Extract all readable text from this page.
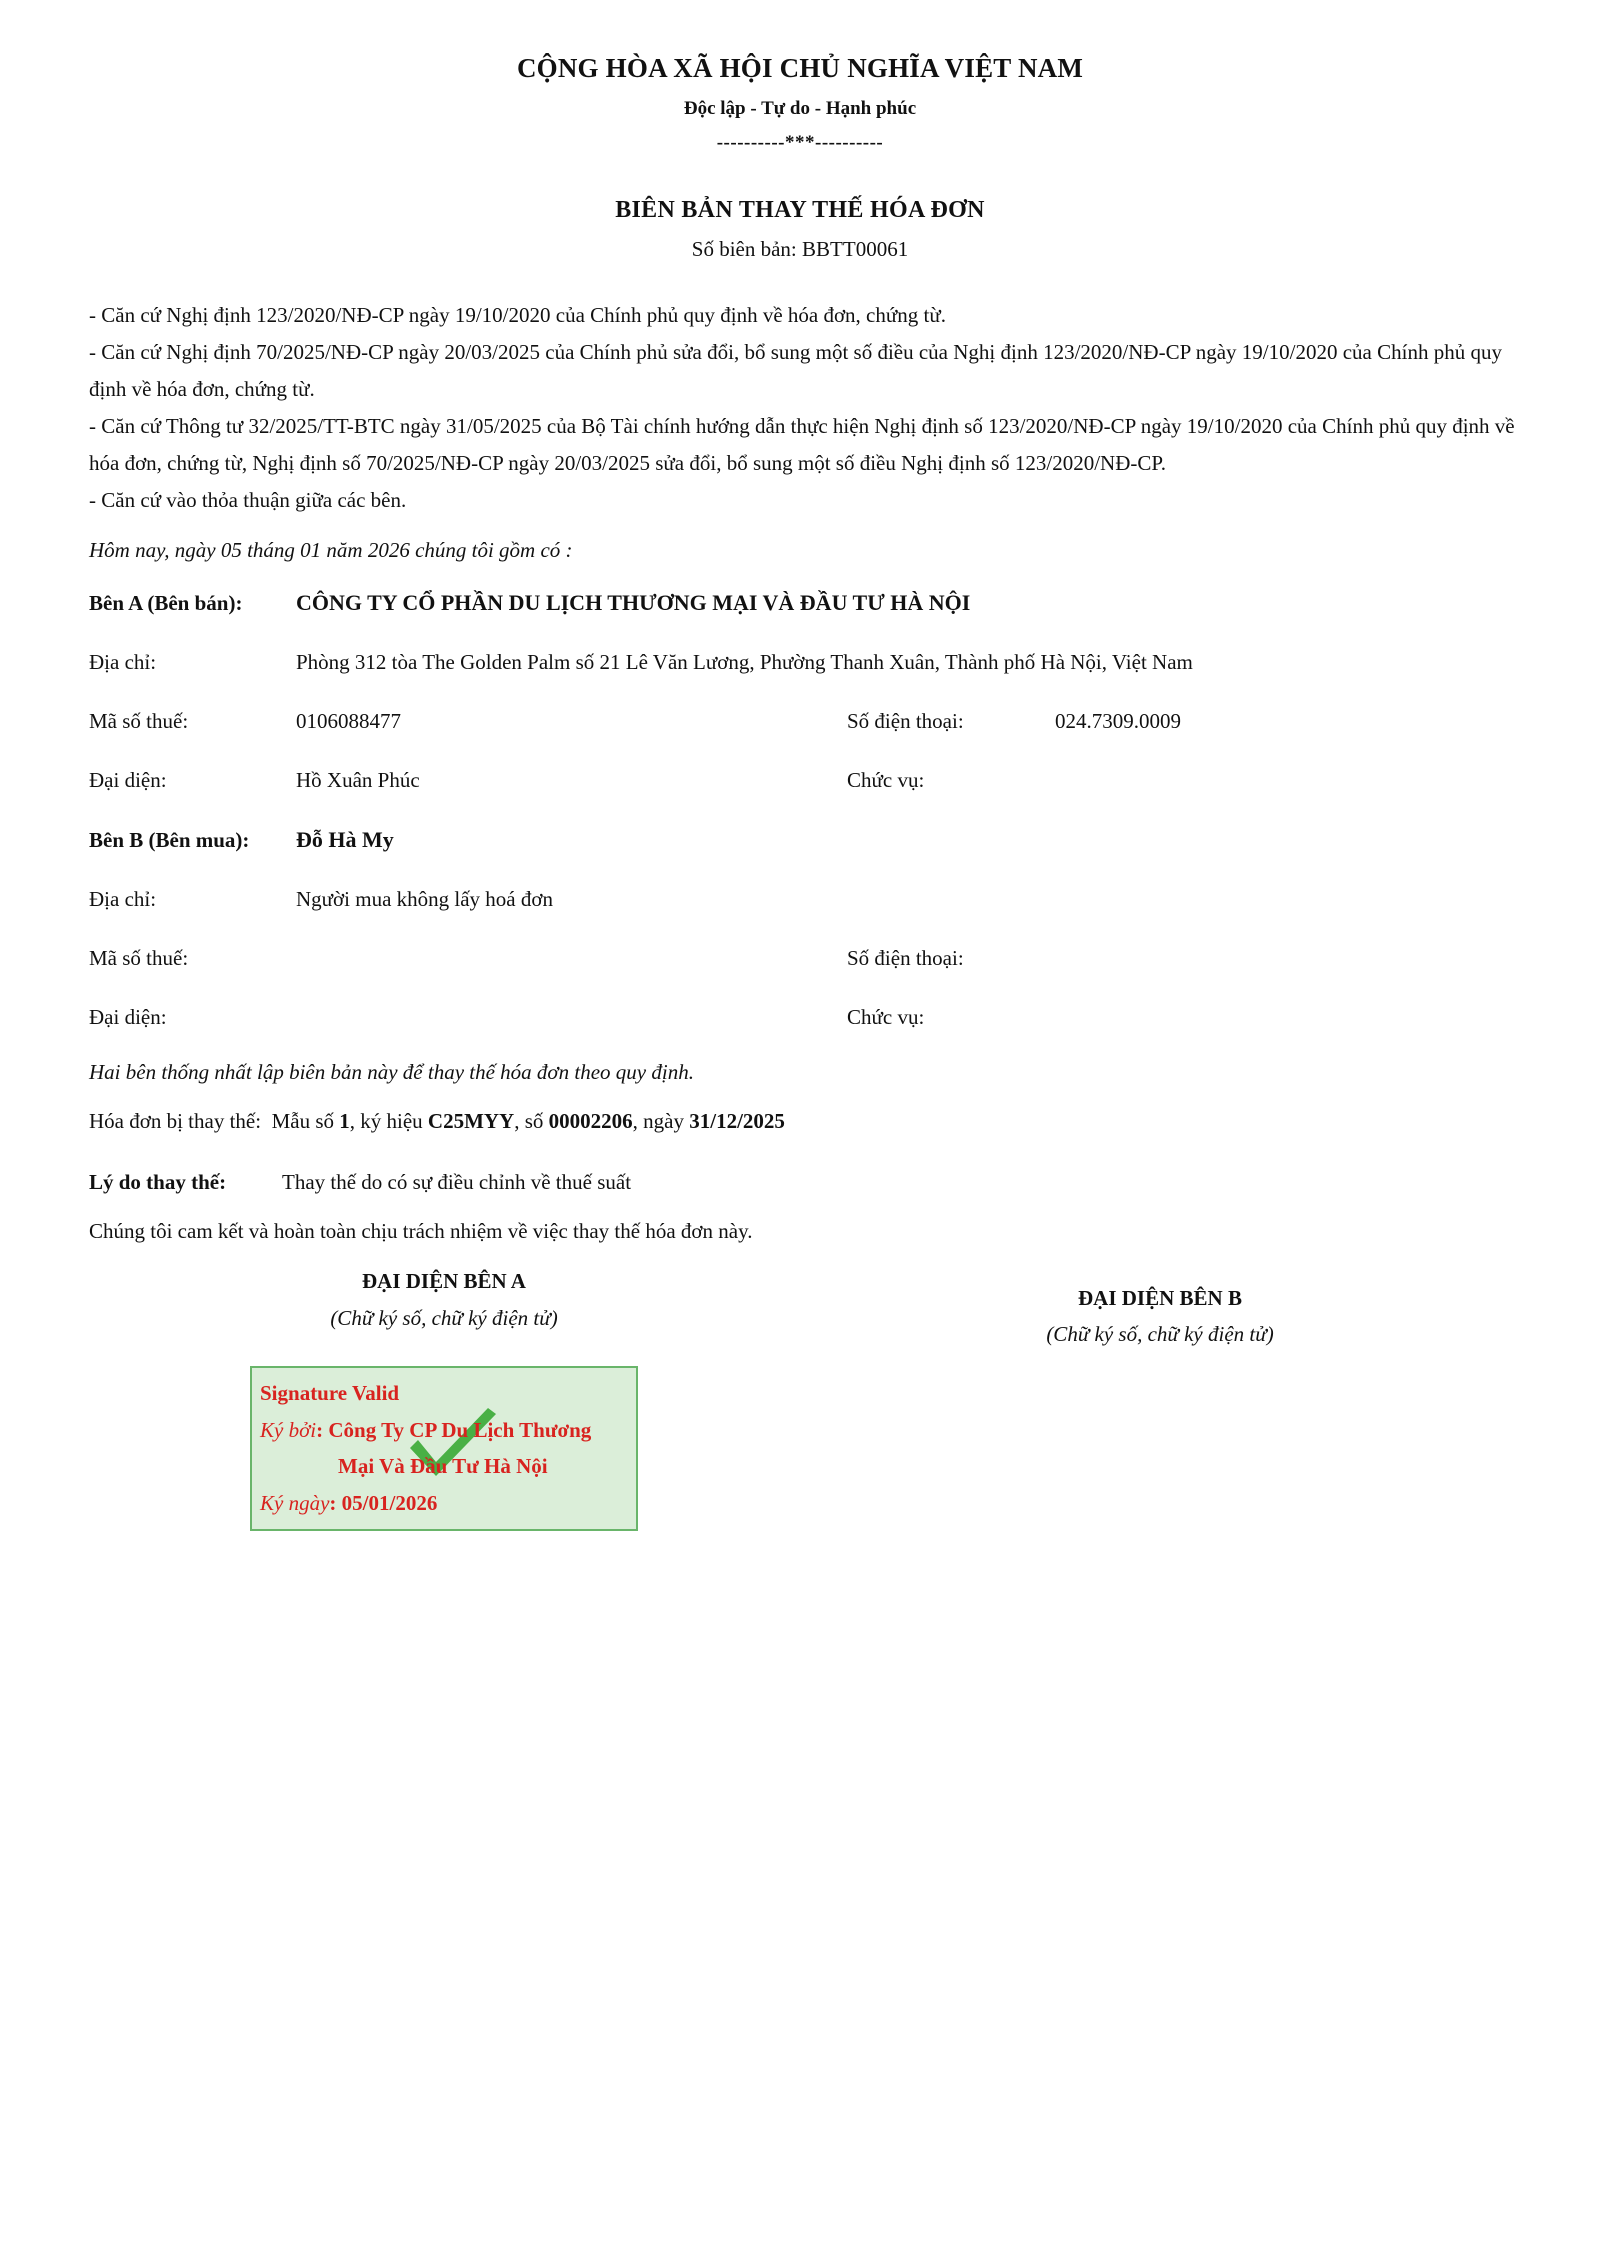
CỘNG HÒA XÃ HỘI CHỦ NGHĨA VIỆT NAM
Độc lập - Tự do - Hạnh phúc
----------***----------
BIÊN BẢN THAY THẾ HÓA ĐƠN
Số biên bản: BBTT00061
- Căn cứ Nghị định 123/2020/NĐ-CP ngày 19/10/2020 của Chính phủ quy định về hóa đơn, chứng từ.
- Căn cứ Nghị định 70/2025/NĐ-CP ngày 20/03/2025 của Chính phủ sửa đổi, bổ sung một số điều của Nghị định 123/2020/NĐ-CP ngày 19/10/2020 của Chính phủ quy định về hóa đơn, chứng từ.
- Căn cứ Thông tư 32/2025/TT-BTC ngày 31/05/2025 của Bộ Tài chính hướng dẫn thực hiện Nghị định số 123/2020/NĐ-CP ngày 19/10/2020 của Chính phủ quy định về hóa đơn, chứng từ, Nghị định số 70/2025/NĐ-CP ngày 20/03/2025 sửa đổi, bổ sung một số điều Nghị định số 123/2020/NĐ-CP.
- Căn cứ vào thỏa thuận giữa các bên.
Hôm nay, ngày 05 tháng 01 năm 2026 chúng tôi gồm có :
Bên A (Bên bán): CÔNG TY CỔ PHẦN DU LỊCH THƯƠNG MẠI VÀ ĐẦU TƯ HÀ NỘI
Địa chỉ:	Phòng 312 tòa The Golden Palm số 21 Lê Văn Lương, Phường Thanh Xuân, Thành phố Hà Nội, Việt Nam
Mã số thuế:	0106088477	Số điện thoại:	024.7309.0009
Đại diện:	Hồ Xuân Phúc	Chức vụ:
Bên B (Bên mua): Đỗ Hà My
Địa chỉ:	Người mua không lấy hoá đơn
Mã số thuế:	Số điện thoại:
Đại diện:	Chức vụ:
Hai bên thống nhất lập biên bản này để thay thế hóa đơn theo quy định.
Hóa đơn bị thay thế: Mẫu số 1, ký hiệu C25MYY, số 00002206, ngày 31/12/2025
Lý do thay thế:	Thay thế do có sự điều chỉnh về thuế suất
Chúng tôi cam kết và hoàn toàn chịu trách nhiệm về việc thay thế hóa đơn này.
ĐẠI DIỆN BÊN A
(Chữ ký số, chữ ký điện tử)
ĐẠI DIỆN BÊN B
(Chữ ký số, chữ ký điện tử)
Signature Valid
Ký bởi: Công Ty CP Du Lịch Thương
Mại Và Đầu Tư Hà Nội
Ký ngày: 05/01/2026
